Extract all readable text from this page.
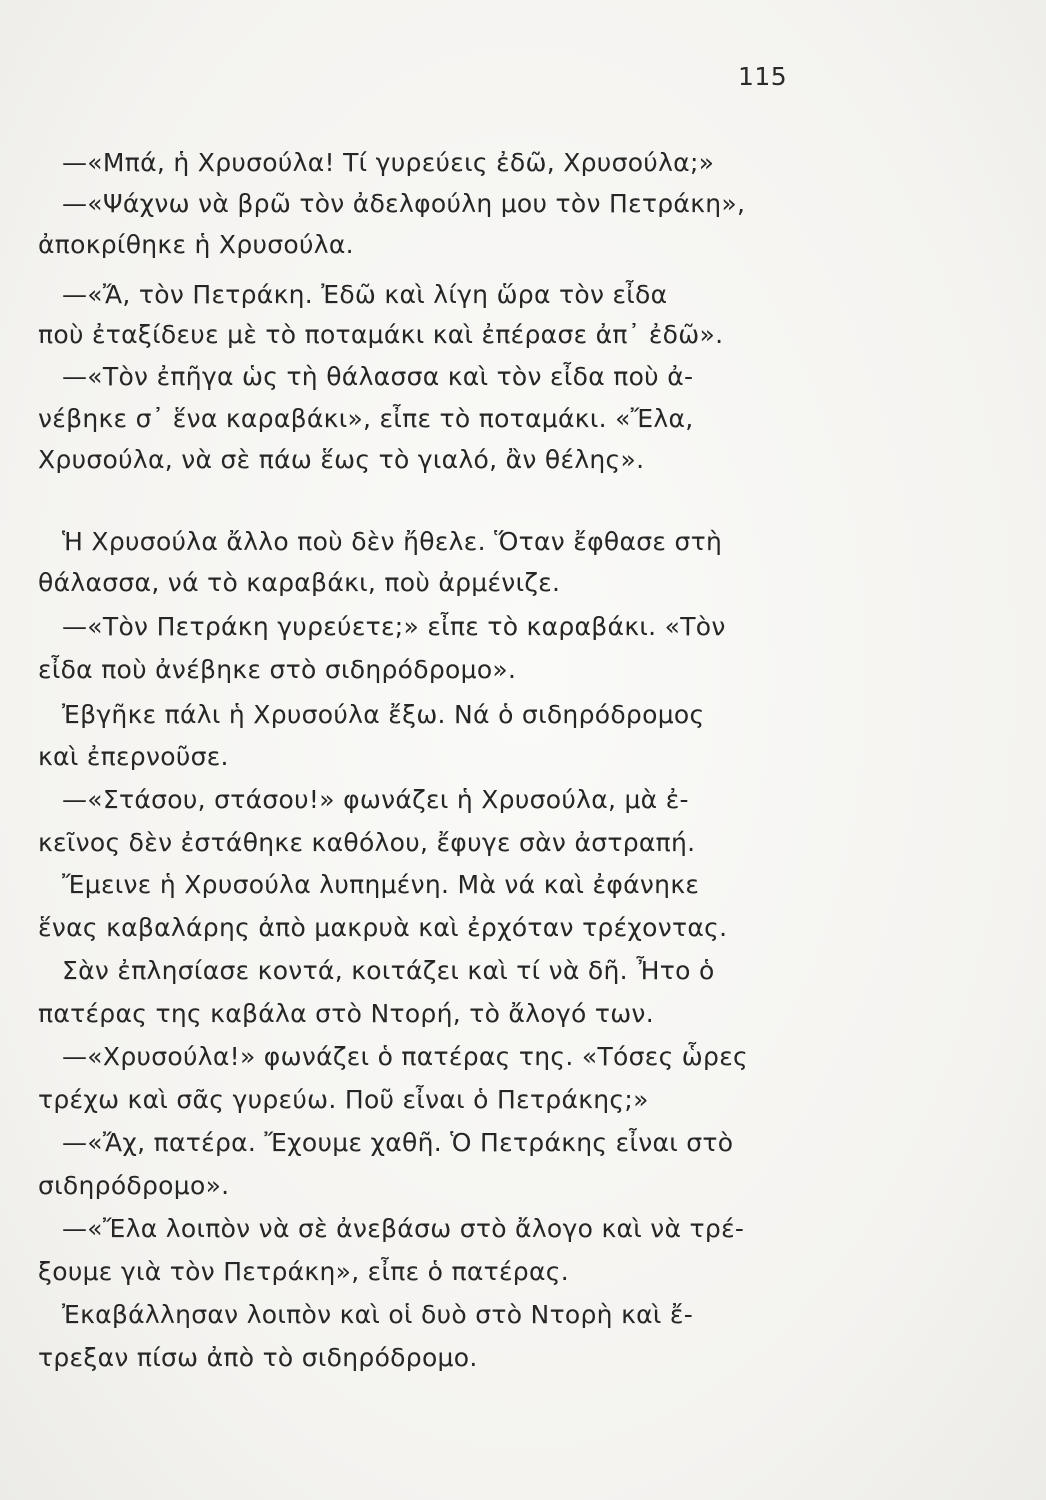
115
—«Μπά, ἡ Χρυσούλα! Τί γυρεύεις ἐδῶ, Χρυσούλα;»
—«Ψάχνω νὰ βρῶ τὸν ἀδελφούλη μου τὸν Πετράκη»,
ἀποκρίθηκε ἡ Χρυσούλα.
—«Ἄ, τὸν Πετράκη. Ἐδῶ καὶ λίγη ὥρα τὸν εἶδα
ποὺ ἐταξίδευε μὲ τὸ ποταμάκι καὶ ἐπέρασε ἀπ᾿ ἐδῶ».
—«Τὸν ἐπῆγα ὡς τὴ θάλασσα καὶ τὸν εἶδα ποὺ ἀ-
νέβηκε σ᾿ ἕνα καραβάκι», εἶπε τὸ ποταμάκι. «Ἔλα,
Χρυσούλα, νὰ σὲ πάω ἕως τὸ γιαλό, ἂν θέλης».
Ἡ Χρυσούλα ἄλλο ποὺ δὲν ἤθελε. Ὅταν ἔφθασε στὴ
θάλασσα, νά τὸ καραβάκι, ποὺ ἀρμένιζε.
—«Τὸν Πετράκη γυρεύετε;» εἶπε τὸ καραβάκι. «Τὸν
εἶδα ποὺ ἀνέβηκε στὸ σιδηρόδρομο».
Ἐβγῆκε πάλι ἡ Χρυσούλα ἔξω. Νά ὁ σιδηρόδρομος
καὶ ἐπερνοῦσε.
—«Στάσου, στάσου!» φωνάζει ἡ Χρυσούλα, μὰ ἐ-
κεῖνος δὲν ἐστάθηκε καθόλου, ἔφυγε σὰν ἀστραπή.
Ἔμεινε ἡ Χρυσούλα λυπημένη. Μὰ νά καὶ ἐφάνηκε
ἕνας καβαλάρης ἀπὸ μακρυὰ καὶ ἐρχόταν τρέχοντας.
Σὰν ἐπλησίασε κοντά, κοιτάζει καὶ τί νὰ δῆ. Ἦτο ὁ
πατέρας της καβάλα στὸ Ντορή, τὸ ἄλογό των.
—«Χρυσούλα!» φωνάζει ὁ πατέρας της. «Τόσες ὧρες
τρέχω καὶ σᾶς γυρεύω. Ποῦ εἶναι ὁ Πετράκης;»
—«Ἄχ, πατέρα. Ἔχουμε χαθῆ. Ὁ Πετράκης εἶναι στὸ
σιδηρόδρομο».
—«Ἔλα λοιπὸν νὰ σὲ ἀνεβάσω στὸ ἄλογο καὶ νὰ τρέ-
ξουμε γιὰ τὸν Πετράκη», εἶπε ὁ πατέρας.
Ἐκαβάλλησαν λοιπὸν καὶ οἱ δυὸ στὸ Ντορὴ καὶ ἔ-
τρεξαν πίσω ἀπὸ τὸ σιδηρόδρομο.
